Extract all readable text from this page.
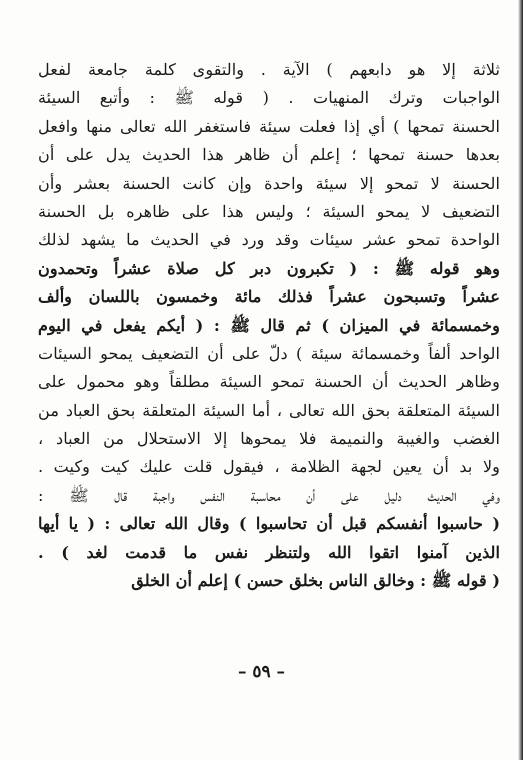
ثلاثة إلا هو دابعهم ) الآية . والتقوى كلمة جامعة لفعل
الواجبات وترك المنهيات . ( قوله ﷺ : وأتبع السيئة
الحسنة تمحها ) أي إذا فعلت سيئة فاستغفر الله تعالى منها وافعل
بعدها حسنة تمحها ؛ إعلم أن ظاهر هذا الحديث يدل على أن
الحسنة لا تمحو إلا سيئة واحدة وإن كانت الحسنة بعشر وأن
التضعيف لا يمحو السيئة ؛ وليس هذا على ظاهره بل الحسنة
الواحدة تمحو عشر سيئات وقد ورد في الحديث ما يشهد لذلك
وهو قوله ﷺ : ( تكبرون دبر كل صلاة عشراً وتحمدون
عشراً وتسبحون عشراً فذلك مائة وخمسون باللسان وألف
وخمسمائة في الميزان ) ثم قال ﷺ : ( أيكم يفعل في اليوم
الواحد ألفاً وخمسمائة سيئة ) دلّ على أن التضعيف يمحو السيئات
وظاهر الحديث أن الحسنة تمحو السيئة مطلقاً وهو محمول على
السيئة المتعلقة بحق الله تعالى ، أما السيئة المتعلقة بحق العباد من
الغضب والغيبة والنميمة فلا يمحوها إلا الاستحلال من العباد ،
ولا بد أن يعين لجهة الظلامة ، فيقول قلت عليك كيت وكيت .
وفي الحديث دليل على أن محاسبة النفس واجبة قال ﷺ :
( حاسبوا أنفسكم قبل أن تحاسبوا ) وقال الله تعالى : ( يا أيها
الذين آمنوا اتقوا الله ولتنظر نفس ما قدمت لغد ) .
( قوله ﷺ : وخالق الناس بخلق حسن ) إعلم أن الخلق
– ٥٩ –
